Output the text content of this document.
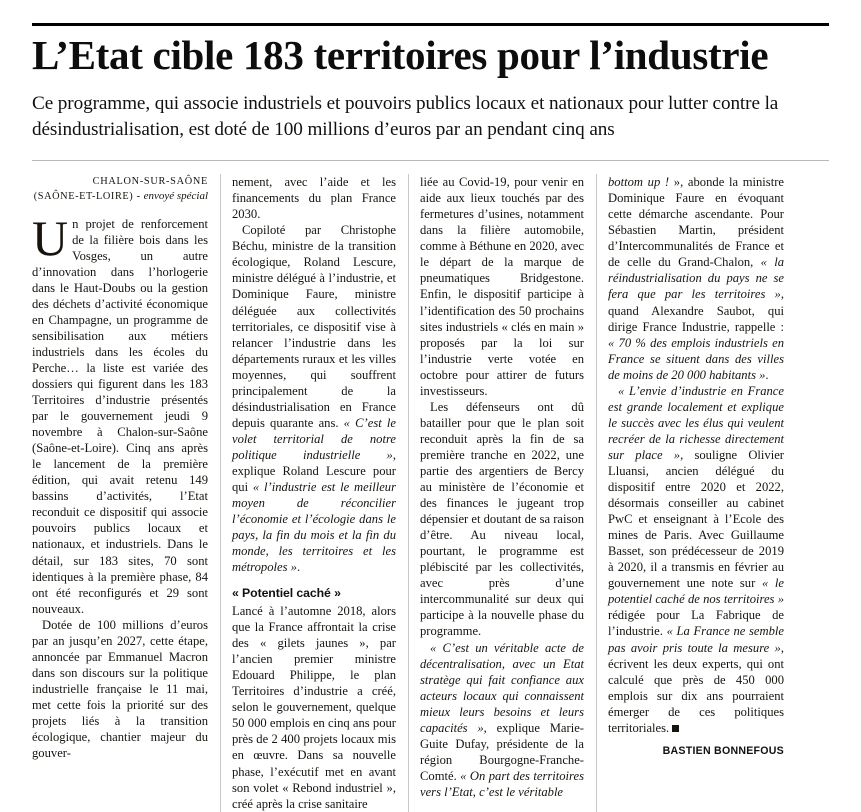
L’Etat cible 183 territoires pour l’industrie

Ce programme, qui associe industriels et pouvoirs publics locaux et nationaux pour lutter contre la désindustrialisation, est doté de 100 millions d’euros par an pendant cinq ans

CHALON-SUR-SAÔNE
(SAÔNE-ET-LOIRE) - envoyé spécial

Un projet de renforcement de la filière bois dans les Vosges, un autre d’innovation dans l’horlogerie dans le Haut-Doubs ou la gestion des déchets d’activité économique en Champagne, un programme de sensibilisation aux métiers industriels dans les écoles du Perche… la liste est variée des dossiers qui figurent dans les 183 Territoires d’industrie présentés par le gouvernement jeudi 9 novembre à Chalon-sur-Saône (Saône-et-Loire). Cinq ans après le lancement de la première édition, qui avait retenu 149 bassins d’activités, l’Etat reconduit ce dispositif qui associe pouvoirs publics locaux et nationaux, et industriels. Dans le détail, sur 183 sites, 70 sont identiques à la première phase, 84 ont été reconfigurés et 29 sont nouveaux.

Dotée de 100 millions d’euros par an jusqu’en 2027, cette étape, annoncée par Emmanuel Macron dans son discours sur la politique industrielle française le 11 mai, met cette fois la priorité sur des projets liés à la transition écologique, chantier majeur du gouver-

nement, avec l’aide et les financements du plan France 2030.

Copiloté par Christophe Béchu, ministre de la transition écologique, Roland Lescure, ministre délégué à l’industrie, et Dominique Faure, ministre déléguée aux collectivités territoriales, ce dispositif vise à relancer l’industrie dans les départements ruraux et les villes moyennes, qui souffrent principalement de la désindustrialisation en France depuis quarante ans. « C’est le volet territorial de notre politique industrielle », explique Roland Lescure pour qui « l’industrie est le meilleur moyen de réconcilier l’économie et l’écologie dans le pays, la fin du mois et la fin du monde, les territoires et les métropoles ».

« Potentiel caché »

Lancé à l’automne 2018, alors que la France affrontait la crise des « gilets jaunes », par l’ancien premier ministre Edouard Philippe, le plan Territoires d’industrie a créé, selon le gouvernement, quelque 50 000 emplois en cinq ans pour près de 2 400 projets locaux mis en œuvre. Dans sa nouvelle phase, l’exécutif met en avant son volet « Rebond industriel », créé après la crise sanitaire

liée au Covid-19, pour venir en aide aux lieux touchés par des fermetures d’usines, notamment dans la filière automobile, comme à Béthune en 2020, avec le départ de la marque de pneumatiques Bridgestone. Enfin, le dispositif participe à l’identification des 50 prochains sites industriels « clés en main » proposés par la loi sur l’industrie verte votée en octobre pour attirer de futurs investisseurs.

Les défenseurs ont dû batailler pour que le plan soit reconduit après la fin de sa première tranche en 2022, une partie des argentiers de Bercy au ministère de l’économie et des finances le jugeant trop dépensier et doutant de sa raison d’être. Au niveau local, pourtant, le programme est plébiscité par les collectivités, avec près d’une intercommunalité sur deux qui participe à la nouvelle phase du programme.

« C’est un véritable acte de décentralisation, avec un Etat stratège qui fait confiance aux acteurs locaux qui connaissent mieux leurs besoins et leurs capacités », explique Marie-Guite Dufay, présidente de la région Bourgogne-Franche-Comté. « On part des territoires vers l’Etat, c’est le véritable

bottom up ! », abonde la ministre Dominique Faure en évoquant cette démarche ascendante. Pour Sébastien Martin, président d’Intercommunalités de France et de celle du Grand-Chalon, « la réindustrialisation du pays ne se fera que par les territoires », quand Alexandre Saubot, qui dirige France Industrie, rappelle : « 70 % des emplois industriels en France se situent dans des villes de moins de 20 000 habitants ».

« L’envie d’industrie en France est grande localement et explique le succès avec les élus qui veulent recréer de la richesse directement sur place », souligne Olivier Lluansi, ancien délégué du dispositif entre 2020 et 2022, désormais conseiller au cabinet PwC et enseignant à l’Ecole des mines de Paris. Avec Guillaume Basset, son prédécesseur de 2019 à 2020, il a transmis en février au gouvernement une note sur « le potentiel caché de nos territoires » rédigée pour La Fabrique de l’industrie. « La France ne semble pas avoir pris toute la mesure », écrivent les deux experts, qui ont calculé que près de 450 000 emplois sur dix ans pourraient émerger de ces politiques territoriales.

BASTIEN BONNEFOUS
